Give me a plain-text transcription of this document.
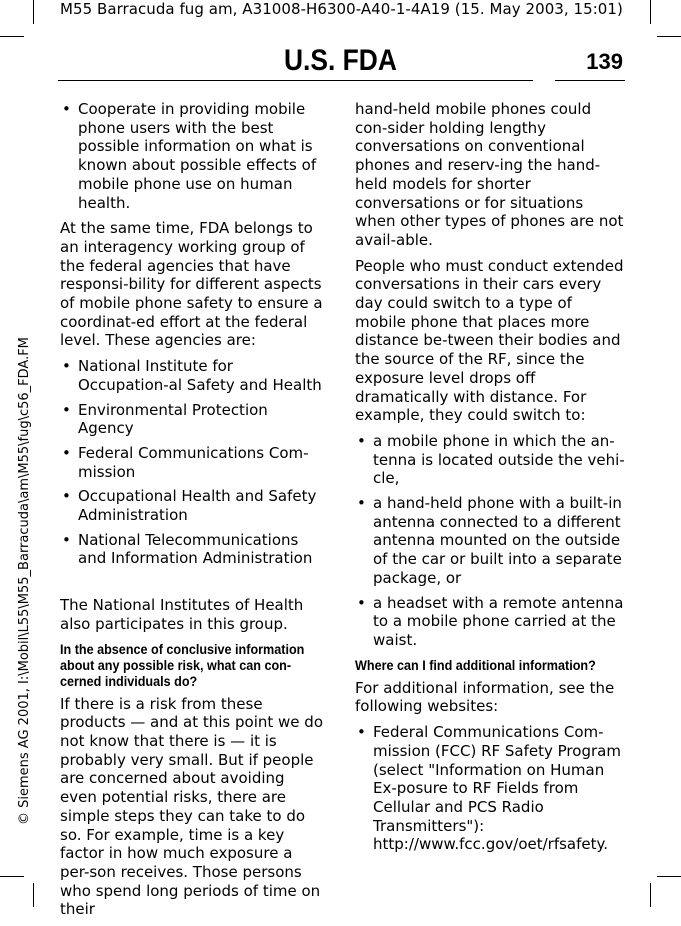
M55 Barracuda fug am, A31008-H6300-A40-1-4A19 (15. May 2003, 15:01)
U.S. FDA	139
© Siemens AG 2001, I:\Mobil\L55\M55_Barracuda\am\M55\fug\c56_FDA.FM
• Cooperate in providing mobile phone users with the best possible information on what is known about possible effects of mobile phone use on human health.

At the same time, FDA belongs to an interagency working group of the federal agencies that have responsi-bility for different aspects of mobile phone safety to ensure a coordinat-ed effort at the federal level. These agencies are:

• National Institute for Occupation-al Safety and Health
• Environmental Protection Agency
• Federal Communications Com-mission
• Occupational Health and Safety Administration
• National Telecommunications and Information Administration

The National Institutes of Health also participates in this group.

In the absence of conclusive information about any possible risk, what can con-cerned individuals do?

If there is a risk from these products — and at this point we do not know that there is — it is probably very small. But if people are concerned about avoiding even potential risks, there are simple steps they can take to do so. For example, time is a key factor in how much exposure a per-son receives. Those persons who spend long periods of time on their

hand-held mobile phones could con-sider holding lengthy conversations on conventional phones and reserv-ing the hand-held models for shorter conversations or for situations when other types of phones are not avail-able.

People who must conduct extended conversations in their cars every day could switch to a type of mobile phone that places more distance be-tween their bodies and the source of the RF, since the exposure level drops off dramatically with distance. For example, they could switch to:

• a mobile phone in which the an-tenna is located outside the vehi-cle,
• a hand-held phone with a built-in antenna connected to a different antenna mounted on the outside of the car or built into a separate package, or
• a headset with a remote antenna to a mobile phone carried at the waist.
Where can I find additional information?

For additional information, see the following websites:

• Federal Communications Com-mission (FCC) RF Safety Program (select "Information on Human Ex-posure to RF Fields from Cellular and PCS Radio Transmitters"): http://www.fcc.gov/oet/rfsafety.
